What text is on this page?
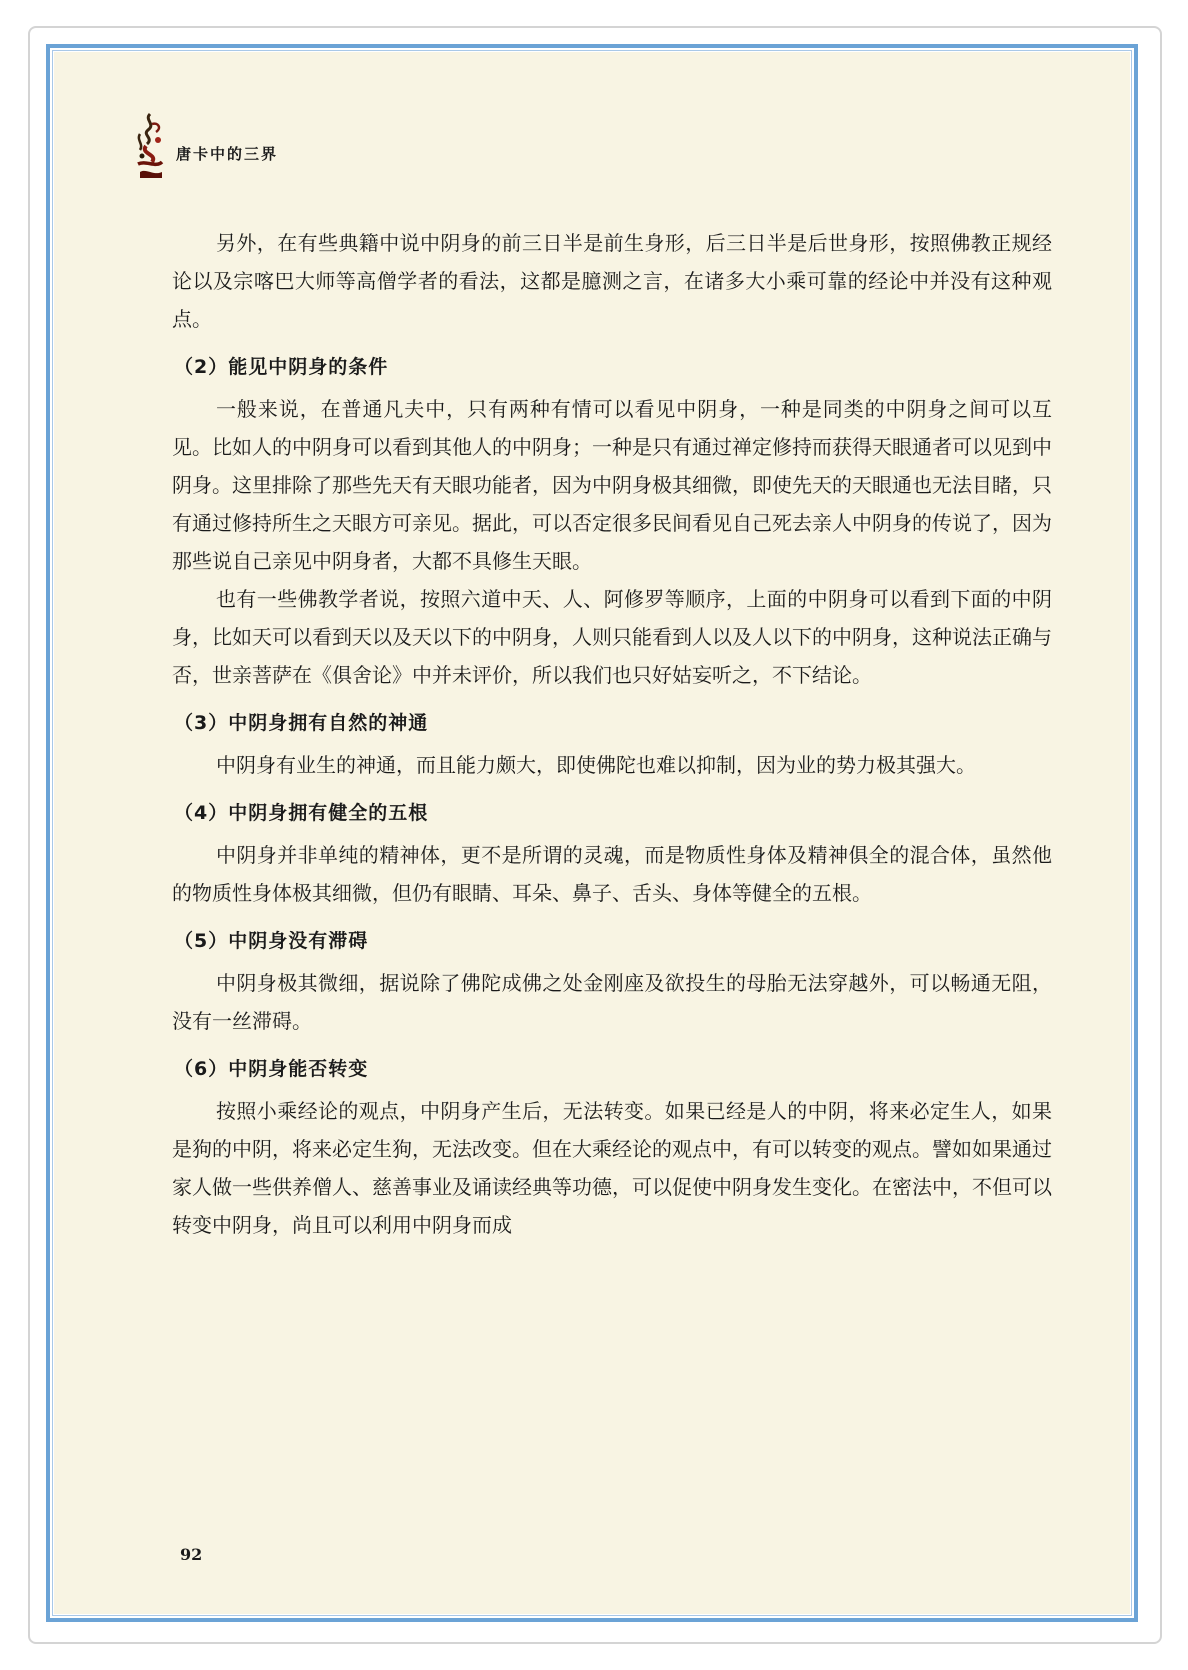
唐卡中的三界

另外，在有些典籍中说中阴身的前三日半是前生身形，后三日半是后世身形，按照佛教正规经论以及宗喀巴大师等高僧学者的看法，这都是臆测之言，在诸多大小乘可靠的经论中并没有这种观点。

（2）能见中阴身的条件

一般来说，在普通凡夫中，只有两种有情可以看见中阴身，一种是同类的中阴身之间可以互见。比如人的中阴身可以看到其他人的中阴身；一种是只有通过禅定修持而获得天眼通者可以见到中阴身。这里排除了那些先天有天眼功能者，因为中阴身极其细微，即使先天的天眼通也无法目睹，只有通过修持所生之天眼方可亲见。据此，可以否定很多民间看见自己死去亲人中阴身的传说了，因为那些说自己亲见中阴身者，大都不具修生天眼。

也有一些佛教学者说，按照六道中天、人、阿修罗等顺序，上面的中阴身可以看到下面的中阴身，比如天可以看到天以及天以下的中阴身，人则只能看到人以及人以下的中阴身，这种说法正确与否，世亲菩萨在《俱舍论》中并未评价，所以我们也只好姑妄听之，不下结论。

（3）中阴身拥有自然的神通

中阴身有业生的神通，而且能力颇大，即使佛陀也难以抑制，因为业的势力极其强大。

（4）中阴身拥有健全的五根

中阴身并非单纯的精神体，更不是所谓的灵魂，而是物质性身体及精神俱全的混合体，虽然他的物质性身体极其细微，但仍有眼睛、耳朵、鼻子、舌头、身体等健全的五根。

（5）中阴身没有滞碍

中阴身极其微细，据说除了佛陀成佛之处金刚座及欲投生的母胎无法穿越外，可以畅通无阻，没有一丝滞碍。

（6）中阴身能否转变

按照小乘经论的观点，中阴身产生后，无法转变。如果已经是人的中阴，将来必定生人，如果是狗的中阴，将来必定生狗，无法改变。但在大乘经论的观点中，有可以转变的观点。譬如如果通过家人做一些供养僧人、慈善事业及诵读经典等功德，可以促使中阴身发生变化。在密法中，不但可以转变中阴身，尚且可以利用中阴身而成

92
